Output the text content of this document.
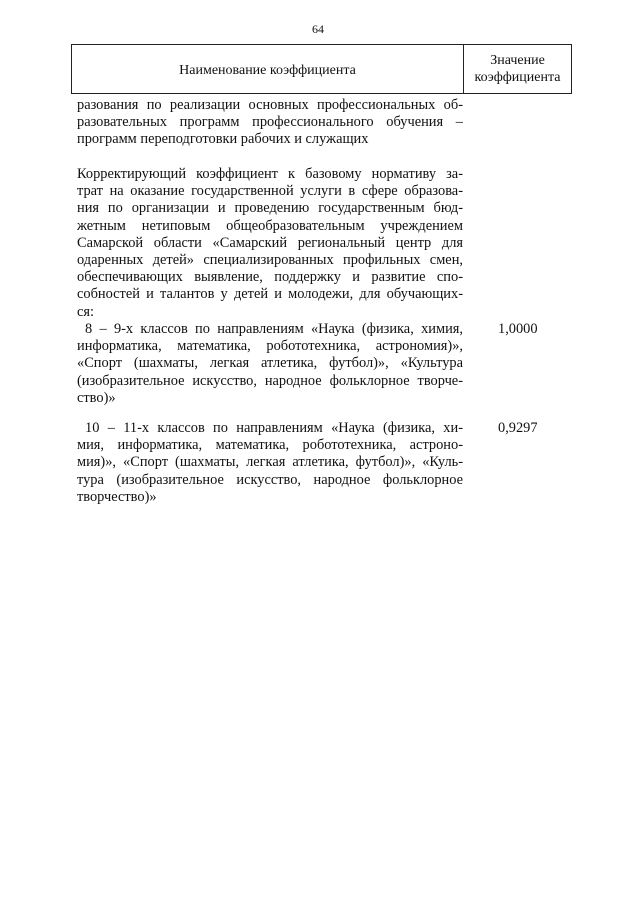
64
Наименование коэффициента
Значение
коэффициента
разования по реализации основных профессиональных об-
разовательных программ профессионального обучения –
программ переподготовки рабочих и служащих
Корректирующий коэффициент к базовому нормативу за-
трат на оказание государственной услуги в сфере образова-
ния по организации и проведению государственным бюд-
жетным нетиповым общеобразовательным учреждением
Самарской области «Самарский региональный центр для
одаренных детей» специализированных профильных смен,
обеспечивающих выявление, поддержку и развитие спо-
собностей и талантов у детей и молодежи, для обучающих-
ся:
8 – 9-х классов по направлениям «Наука (физика, химия,
информатика, математика, робототехника, астрономия)»,
«Спорт (шахматы, легкая атлетика, футбол)», «Культура
(изобразительное искусство, народное фольклорное творче-
ство)»
1,0000
10 – 11-х классов по направлениям «Наука (физика, хи-
мия, информатика, математика, робототехника, астроно-
мия)», «Спорт (шахматы, легкая атлетика, футбол)», «Куль-
тура (изобразительное искусство, народное фольклорное
творчество)»
0,9297
